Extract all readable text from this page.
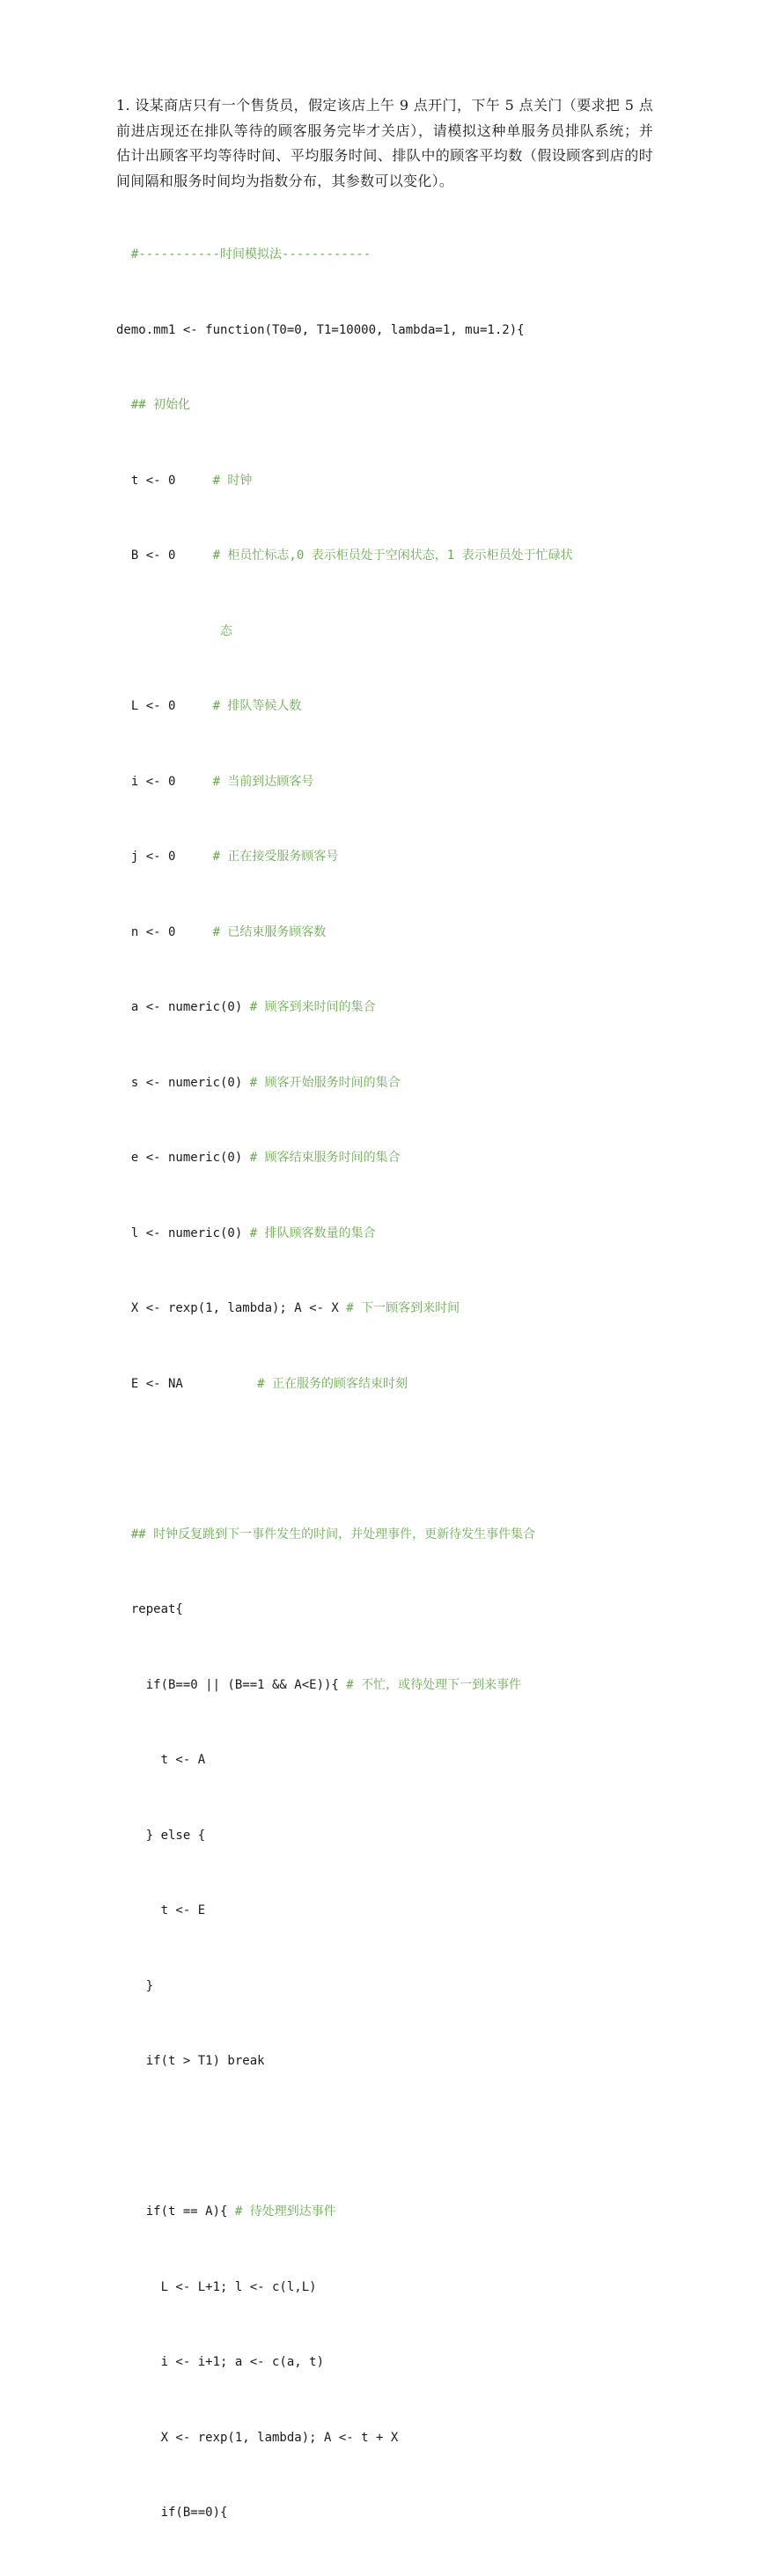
1. 设某商店只有一个售货员，假定该店上午 9 点开门，下午 5 点关门（要求把 5 点前进店现还在排队等待的顾客服务完毕才关店），请模拟这种单服务员排队系统；并估计出顾客平均等待时间、平均服务时间、排队中的顾客平均数（假设顾客到店的时间间隔和服务时间均为指数分布，其参数可以变化）。

#-----------时间模拟法------------

demo.mm1 <- function(T0=0, T1=10000, lambda=1, mu=1.2){

## 初始化

t <- 0     # 时钟

B <- 0     # 柜员忙标志,0 表示柜员处于空闲状态，1 表示柜员处于忙碌状

态

L <- 0     # 排队等候人数

i <- 0     # 当前到达顾客号

j <- 0     # 正在接受服务顾客号

n <- 0     # 已结束服务顾客数

a <- numeric(0) # 顾客到来时间的集合

s <- numeric(0) # 顾客开始服务时间的集合

e <- numeric(0) # 顾客结束服务时间的集合

l <- numeric(0) # 排队顾客数量的集合

X <- rexp(1, lambda); A <- X # 下一顾客到来时间

E <- NA          # 正在服务的顾客结束时刻

## 时钟反复跳到下一事件发生的时间，并处理事件，更新待发生事件集合

repeat{

if(B==0 || (B==1 && A<E)){ # 不忙，或待处理下一到来事件

t <- A

} else {

t <- E

}

if(t > T1) break

if(t == A){ # 待处理到达事件

L <- L+1; l <- c(l,L)

i <- i+1; a <- c(a, t)

X <- rexp(1, lambda); A <- t + X

if(B==0){
